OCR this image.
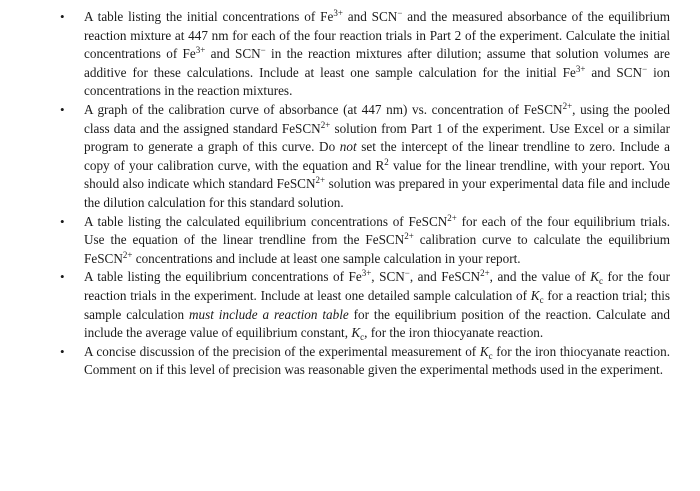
• A table listing the initial concentrations of $Fe^{3+}$ and SCN− and the measured absorbance of the equilibrium reaction mixture at 447 nm for each of the four reaction trials in Part 2 of the experiment. Calculate the initial concentrations of $Fe^{3+}$ and SCN− in the reaction mixtures after dilution; assume that solution volumes are additive for these calculations. Include at least one sample calculation for the initial $Fe^{3+}$ and SCN− ion concentrations in the reaction mixtures.
• A graph of the calibration curve of absorbance (at 447 nm) vs. concentration of FeSCN$^{2+}$, using the pooled class data and the assigned standard FeSCN$^{2+}$ solution from Part 1 of the experiment. Use Excel or a similar program to generate a graph of this curve. Do not set the intercept of the linear trendline to zero. Include a copy of your calibration curve, with the equation and $R^2$ value for the linear trendline, with your report. You should also indicate which standard FeSCN$^{2+}$ solution was prepared in your experimental data file and include the dilution calculation for this standard solution.
• A table listing the calculated equilibrium concentrations of FeSCN$^{2+}$ for each of the four equilibrium trials. Use the equation of the linear trendline from the FeSCN$^{2+}$ calibration curve to calculate the equilibrium FeSCN$^{2+}$ concentrations and include at least one sample calculation in your report.
• A table listing the equilibrium concentrations of $Fe^{3+}$, SCN−, and FeSCN$^{2+}$, and the value of $K_c$ for the four reaction trials in the experiment. Include at least one detailed sample calculation of $K_c$ for a reaction trial; this sample calculation must include a reaction table for the equilibrium position of the reaction. Calculate and include the average value of equilibrium constant, $K_c$, for the iron thiocyanate reaction.
• A concise discussion of the precision of the experimental measurement of $K_c$ for the iron thiocyanate reaction. Comment on if this level of precision was reasonable given the experimental methods used in the experiment.
